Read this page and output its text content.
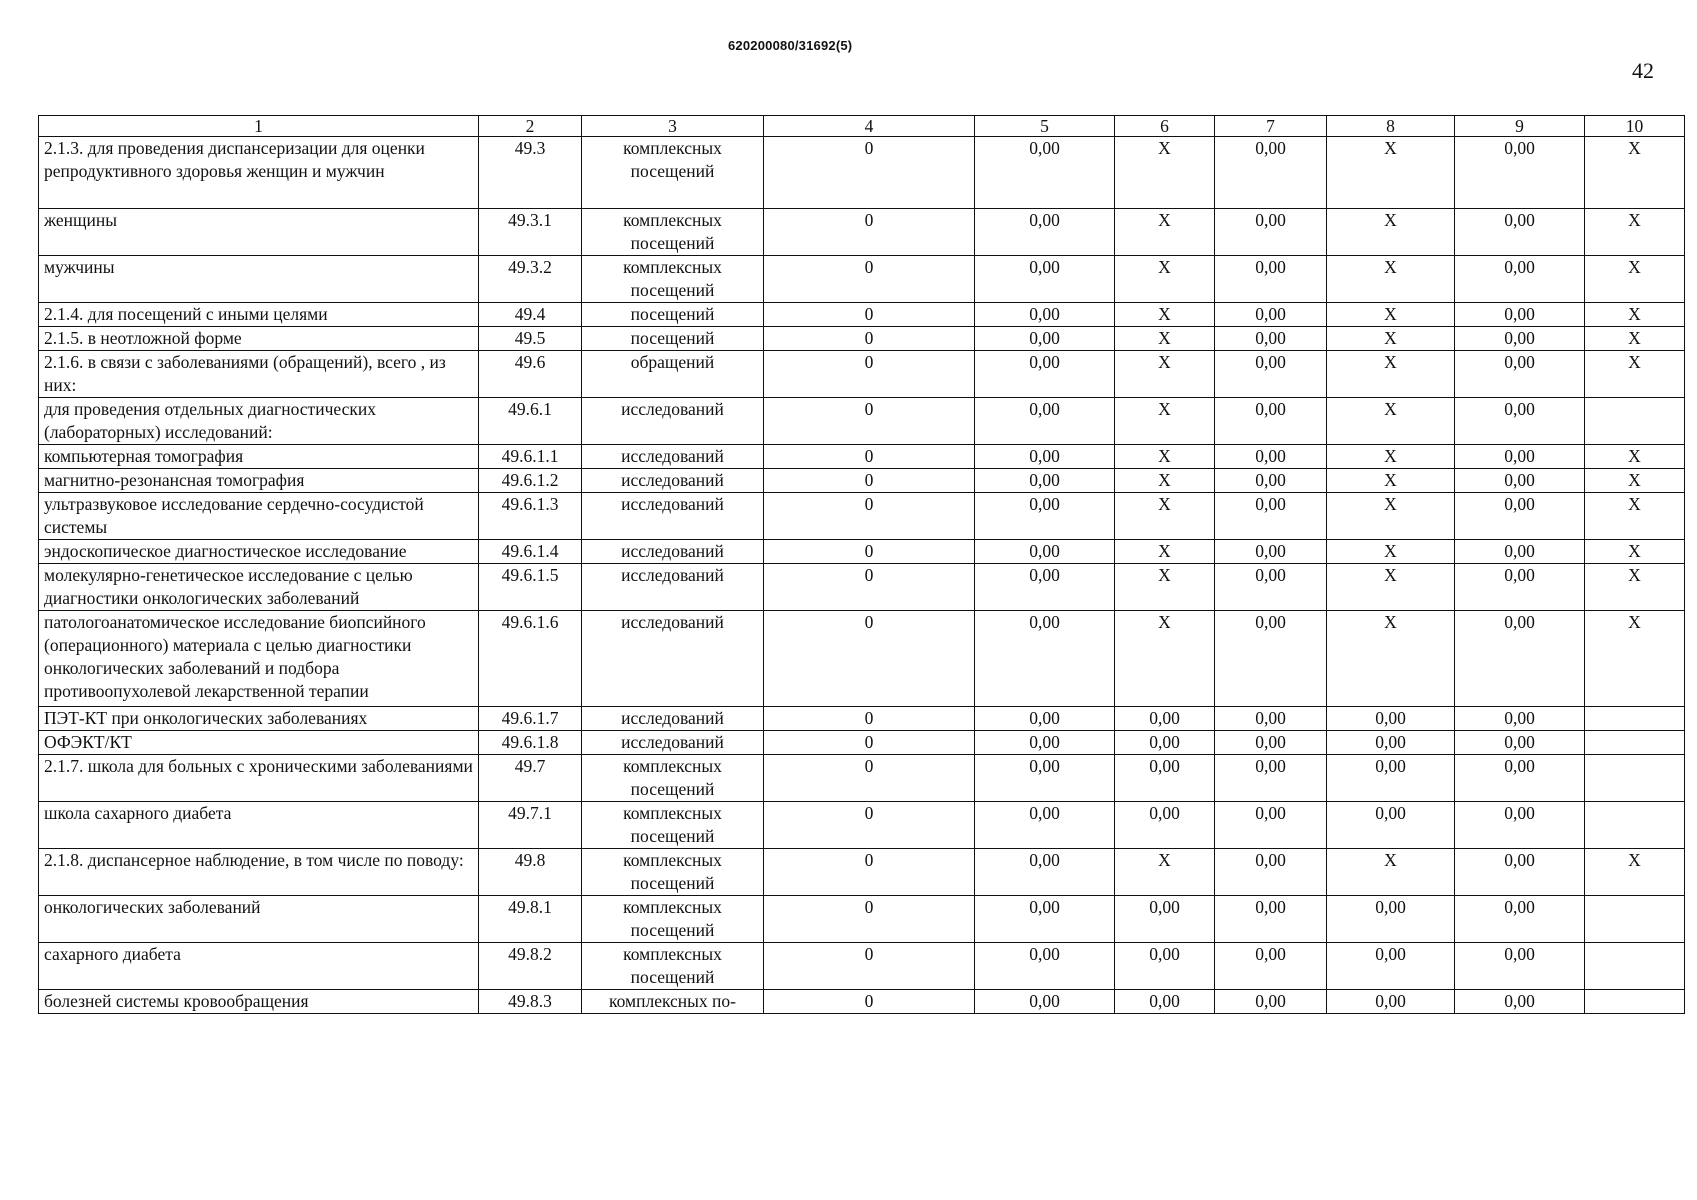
620200080/31692(5)
42
1	2	3	4	5	6	7	8	9	10
2.1.3. для проведения диспансеризации для оценки репродуктивного здоровья женщин и мужчин	49.3	комплексных посещений	0	0,00	X	0,00	X	0,00	X
женщины	49.3.1	комплексных посещений	0	0,00	X	0,00	X	0,00	X
мужчины	49.3.2	комплексных посещений	0	0,00	X	0,00	X	0,00	X
2.1.4. для посещений с иными целями	49.4	посещений	0	0,00	X	0,00	X	0,00	X
2.1.5. в неотложной форме	49.5	посещений	0	0,00	X	0,00	X	0,00	X
2.1.6. в связи с заболеваниями (обращений), всего , из них:	49.6	обращений	0	0,00	X	0,00	X	0,00	X
для проведения отдельных диагностических (лабораторных) исследований:	49.6.1	исследований	0	0,00	X	0,00	X	0,00	
компьютерная томография	49.6.1.1	исследований	0	0,00	X	0,00	X	0,00	X
магнитно-резонансная томография	49.6.1.2	исследований	0	0,00	X	0,00	X	0,00	X
ультразвуковое исследование сердечно-сосудистой системы	49.6.1.3	исследований	0	0,00	X	0,00	X	0,00	X
эндоскопическое диагностическое исследование	49.6.1.4	исследований	0	0,00	X	0,00	X	0,00	X
молекулярно-генетическое исследование с целью диагностики онкологических заболеваний	49.6.1.5	исследований	0	0,00	X	0,00	X	0,00	X
патологоанатомическое исследование биопсийного (операционного) материала с целью диагностики онкологических заболеваний и подбора противоопухолевой лекарственной терапии	49.6.1.6	исследований	0	0,00	X	0,00	X	0,00	X
ПЭТ-КТ при онкологических заболеваниях	49.6.1.7	исследований	0	0,00	0,00	0,00	0,00	0,00	
ОФЭКТ/КТ	49.6.1.8	исследований	0	0,00	0,00	0,00	0,00	0,00	
2.1.7. школа для больных с хроническими заболеваниями	49.7	комплексных посещений	0	0,00	0,00	0,00	0,00	0,00	
школа сахарного диабета	49.7.1	комплексных посещений	0	0,00	0,00	0,00	0,00	0,00	
2.1.8. диспансерное наблюдение, в том числе по поводу:	49.8	комплексных посещений	0	0,00	X	0,00	X	0,00	X
онкологических заболеваний	49.8.1	комплексных посещений	0	0,00	0,00	0,00	0,00	0,00	
сахарного диабета	49.8.2	комплексных посещений	0	0,00	0,00	0,00	0,00	0,00	
болезней системы кровообращения	49.8.3	комплексных по-	0	0,00	0,00	0,00	0,00	0,00	
